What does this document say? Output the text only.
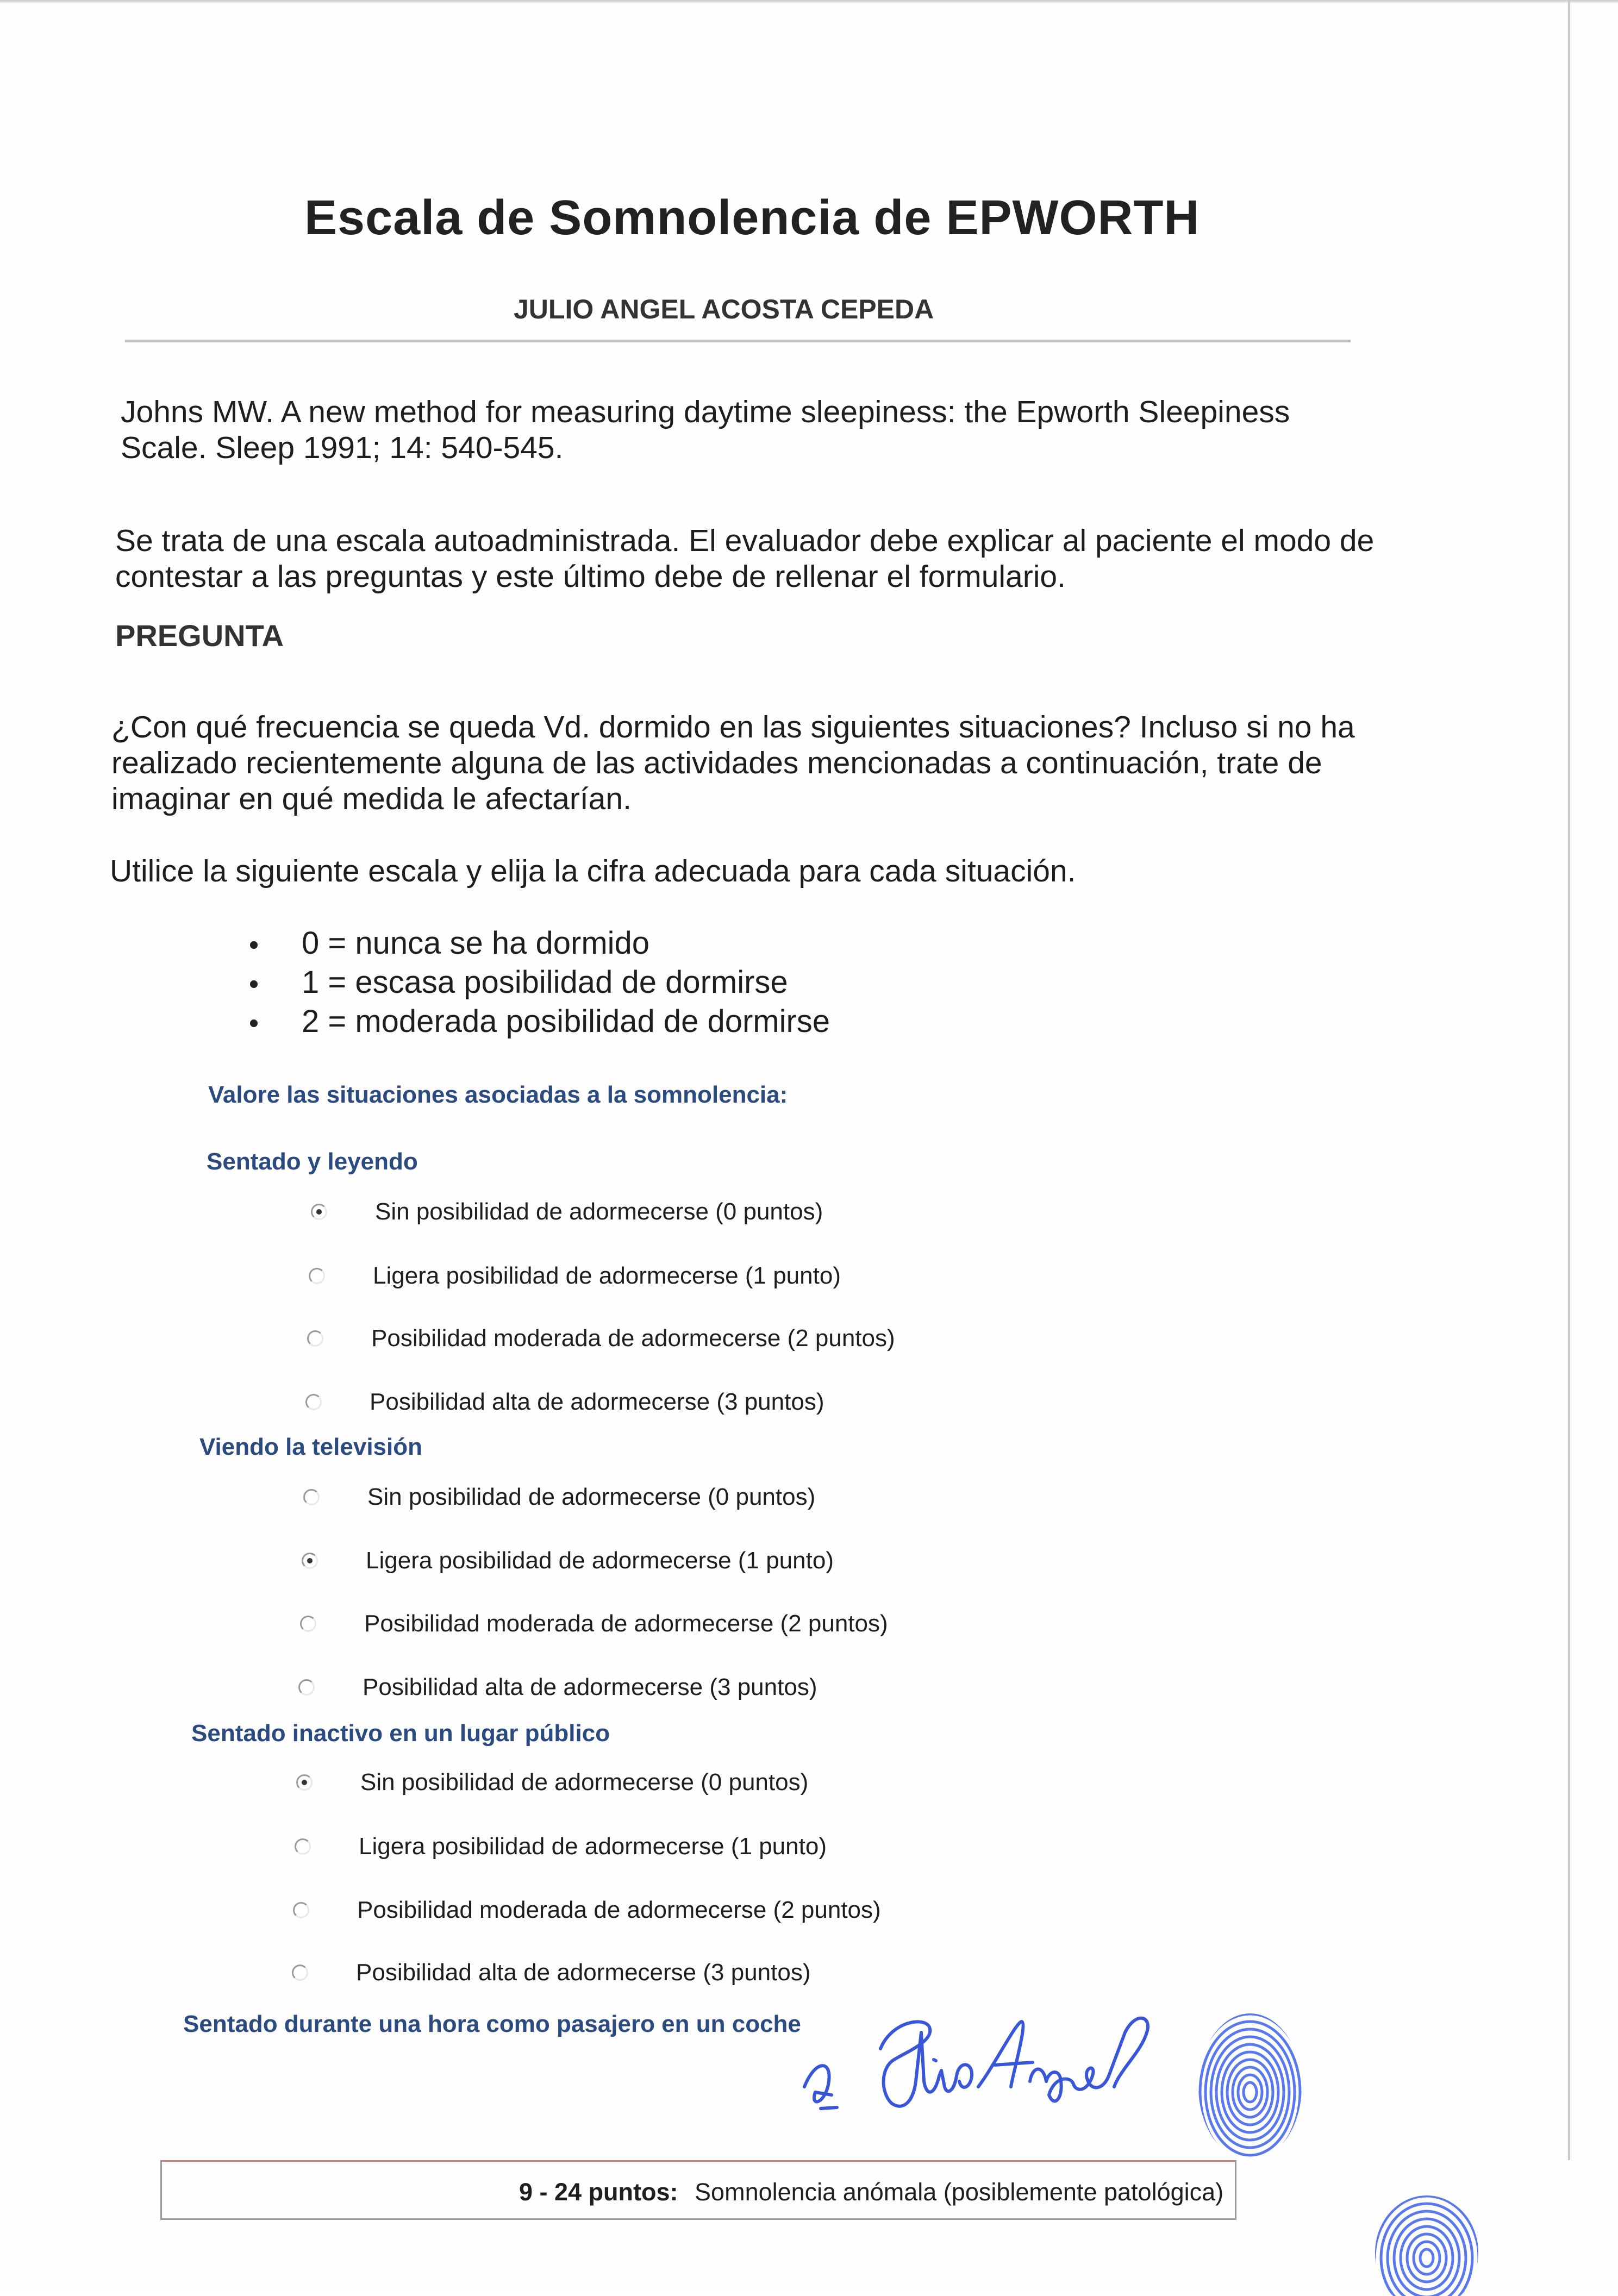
Escala de Somnolencia de EPWORTH
JULIO ANGEL ACOSTA CEPEDA
Johns MW. A new method for measuring daytime sleepiness: the Epworth Sleepiness Scale. Sleep 1991; 14: 540-545.
Se trata de una escala autoadministrada. El evaluador debe explicar al paciente el modo de contestar a las preguntas y este último debe de rellenar el formulario.
PREGUNTA
¿Con qué frecuencia se queda Vd. dormido en las siguientes situaciones? Incluso si no ha realizado recientemente alguna de las actividades mencionadas a continuación, trate de imaginar en qué medida le afectarían.
Utilice la siguiente escala y elija la cifra adecuada para cada situación.
0 = nunca se ha dormido
1 = escasa posibilidad de dormirse
2 = moderada posibilidad de dormirse
Valore las situaciones asociadas a la somnolencia:
Sentado y leyendo
Sin posibilidad de adormecerse (0 puntos)
Ligera posibilidad de adormecerse (1 punto)
Posibilidad moderada de adormecerse (2 puntos)
Posibilidad alta de adormecerse (3 puntos)
Viendo la televisión
Sin posibilidad de adormecerse (0 puntos)
Ligera posibilidad de adormecerse (1 punto)
Posibilidad moderada de adormecerse (2 puntos)
Posibilidad alta de adormecerse (3 puntos)
Sentado inactivo en un lugar público
Sin posibilidad de adormecerse (0 puntos)
Ligera posibilidad de adormecerse (1 punto)
Posibilidad moderada de adormecerse (2 puntos)
Posibilidad alta de adormecerse (3 puntos)
Sentado durante una hora como pasajero en un coche
9 - 24 puntos: Somnolencia anómala (posiblemente patológica)
